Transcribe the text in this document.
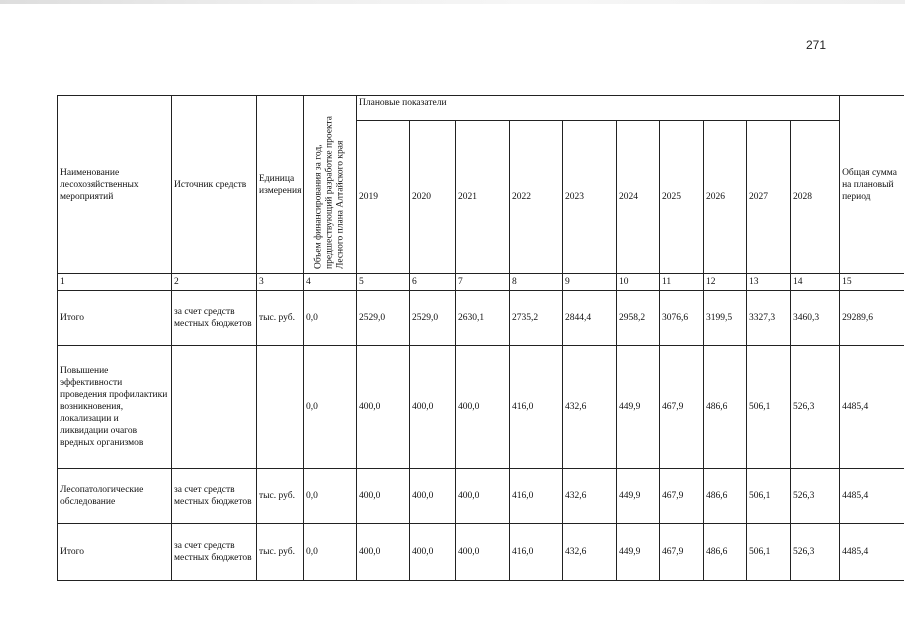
271
Наименование лесохозяйственных мероприятий	Источник средств	Единица измерения	Объем финансирования за год, предшествующий разработке проекта Лесного плана Алтайского края	Плановые показатели										Общая сумма на плановый период
				2019	2020	2021	2022	2023	2024	2025	2026	2027	2028	
1	2	3	4	5	6	7	8	9	10	11	12	13	14	15
Итого	за счет средств местных бюджетов	тыс. руб.	0,0	2529,0	2529,0	2630,1	2735,2	2844,4	2958,2	3076,6	3199,5	3327,3	3460,3	29289,6
Повышение эффективности проведения профилактики возникновения, локализации и ликвидации очагов вредных организмов			0,0	400,0	400,0	400,0	416,0	432,6	449,9	467,9	486,6	506,1	526,3	4485,4
Лесопатологические обследование	за счет средств местных бюджетов	тыс. руб.	0,0	400,0	400,0	400,0	416,0	432,6	449,9	467,9	486,6	506,1	526,3	4485,4
Итого	за счет средств местных бюджетов	тыс. руб.	0,0	400,0	400,0	400,0	416,0	432,6	449,9	467,9	486,6	506,1	526,3	4485,4
